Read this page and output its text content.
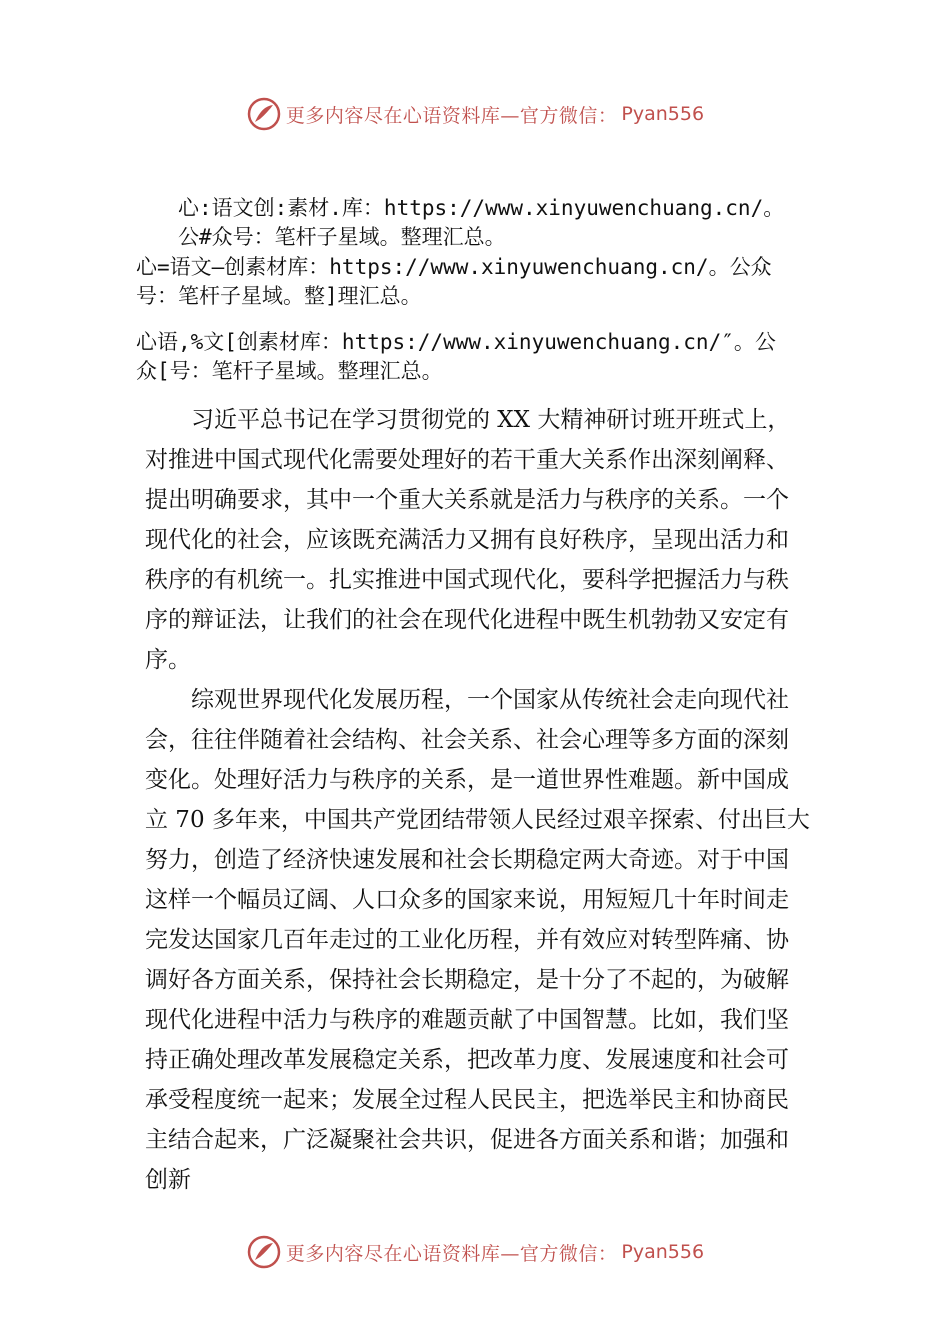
更多内容尽在心语资料库—官方微信： Pyan556
心:语文创:素材.库：https://www.xinyuwenchuang.cn/。
公#众号：笔杆子星域。整理汇总。
心=语文—创素材库：https://www.xinyuwenchuang.cn/。公众
号：笔杆子星域。整]理汇总。
心语,%文[创素材库：https://www.xinyuwenchuang.cn/″。公
众[号：笔杆子星域。整理汇总。

习近平总书记在学习贯彻党的 XX 大精神研讨班开班式上，对推进中国式现代化需要处理好的若干重大关系作出深刻阐释、提出明确要求，其中一个重大关系就是活力与秩序的关系。一个现代化的社会，应该既充满活力又拥有良好秩序，呈现出活力和秩序的有机统一。扎实推进中国式现代化，要科学把握活力与秩序的辩证法，让我们的社会在现代化进程中既生机勃勃又安定有序。

综观世界现代化发展历程，一个国家从传统社会走向现代社会，往往伴随着社会结构、社会关系、社会心理等多方面的深刻变化。处理好活力与秩序的关系，是一道世界性难题。新中国成立 70 多年来，中国共产党团结带领人民经过艰辛探索、付出巨大努力，创造了经济快速发展和社会长期稳定两大奇迹。对于中国这样一个幅员辽阔、人口众多的国家来说，用短短几十年时间走完发达国家几百年走过的工业化历程，并有效应对转型阵痛、协调好各方面关系，保持社会长期稳定，是十分了不起的，为破解现代化进程中活力与秩序的难题贡献了中国智慧。比如，我们坚持正确处理改革发展稳定关系，把改革力度、发展速度和社会可承受程度统一起来；发展全过程人民民主，把选举民主和协商民主结合起来，广泛凝聚社会共识，促进各方面关系和谐；加强和创新

更多内容尽在心语资料库—官方微信： Pyan556
